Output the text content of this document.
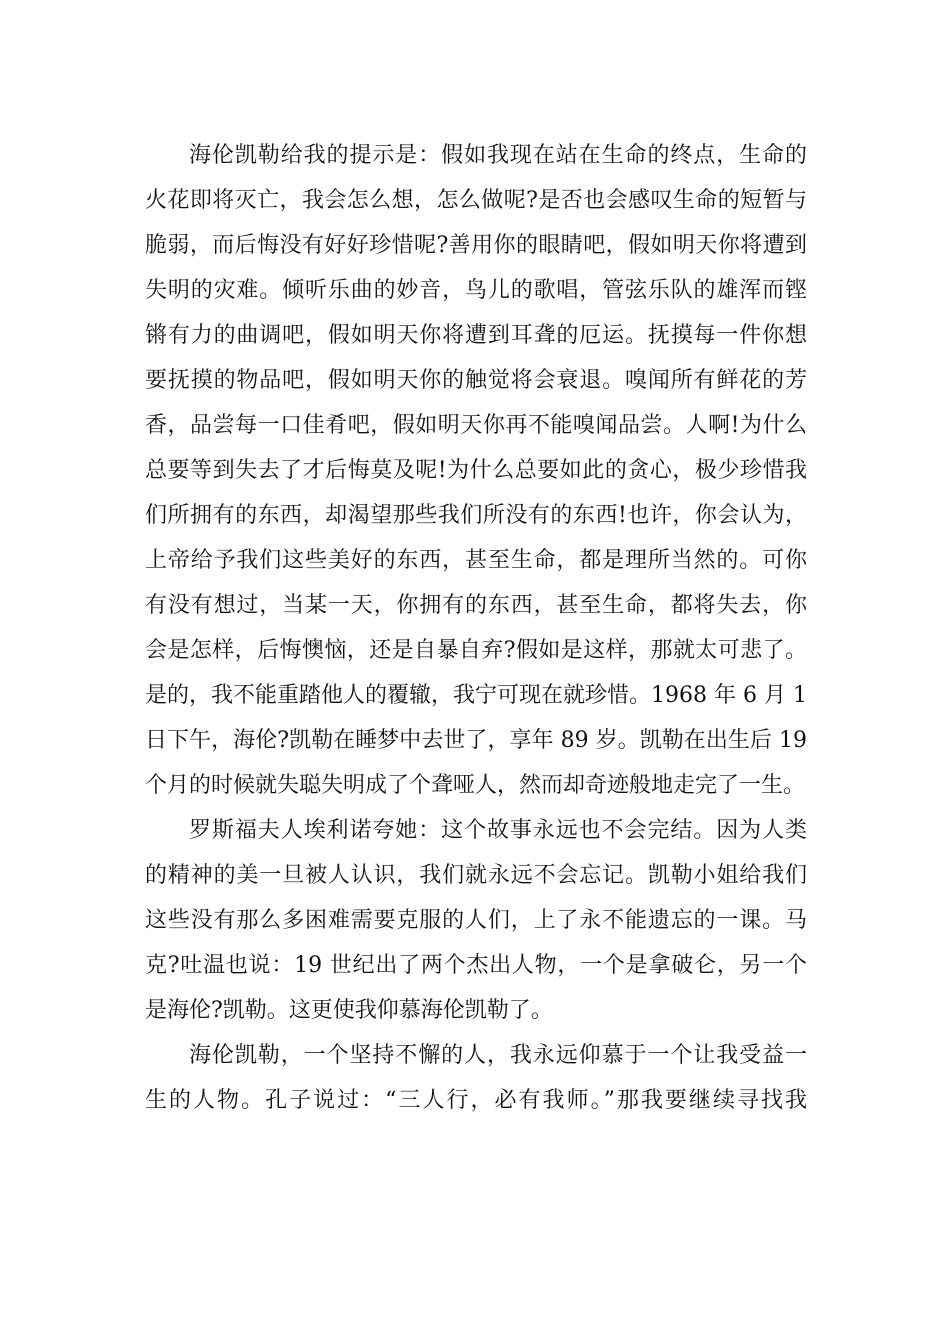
海伦凯勒给我的提示是：假如我现在站在生命的终点，生命的
火花即将灭亡，我会怎么想，怎么做呢?是否也会感叹生命的短暂与
脆弱，而后悔没有好好珍惜呢?善用你的眼睛吧，假如明天你将遭到
失明的灾难。倾听乐曲的妙音，鸟儿的歌唱，管弦乐队的雄浑而铿
锵有力的曲调吧，假如明天你将遭到耳聋的厄运。抚摸每一件你想
要抚摸的物品吧，假如明天你的触觉将会衰退。嗅闻所有鲜花的芳
香，品尝每一口佳肴吧，假如明天你再不能嗅闻品尝。人啊!为什么
总要等到失去了才后悔莫及呢!为什么总要如此的贪心，极少珍惜我
们所拥有的东西，却渴望那些我们所没有的东西!也许，你会认为，
上帝给予我们这些美好的东西，甚至生命，都是理所当然的。可你
有没有想过，当某一天，你拥有的东西，甚至生命，都将失去，你
会是怎样，后悔懊恼，还是自暴自弃?假如是这样，那就太可悲了。
是的，我不能重踏他人的覆辙，我宁可现在就珍惜。1968 年 6 月 1
日下午，海伦?凯勒在睡梦中去世了，享年 89 岁。凯勒在出生后 19
个月的时候就失聪失明成了个聋哑人，然而却奇迹般地走完了一生。
罗斯福夫人埃利诺夸她：这个故事永远也不会完结。因为人类
的精神的美一旦被人认识，我们就永远不会忘记。凯勒小姐给我们
这些没有那么多困难需要克服的人们，上了永不能遗忘的一课。马
克?吐温也说：19 世纪出了两个杰出人物，一个是拿破仑，另一个
是海伦?凯勒。这更使我仰慕海伦凯勒了。
海伦凯勒，一个坚持不懈的人，我永远仰慕于一个让我受益一
生的人物。孔子说过：“三人行，必有我师。”那我要继续寻找我
